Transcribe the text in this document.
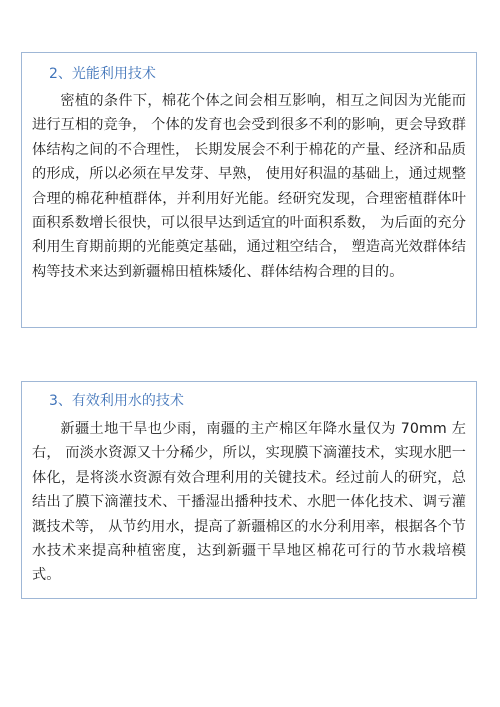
2、光能利用技术
密植的条件下，棉花个体之间会相互影响，相互之间因为光能而进行互相的竞争， 个体的发育也会受到很多不利的影响，更会导致群体结构之间的不合理性， 长期发展会不利于棉花的产量、经济和品质的形成，所以必须在早发芽、早熟， 使用好积温的基础上，通过规整合理的棉花种植群体，并利用好光能。经研究发现，合理密植群体叶面积系数增长很快，可以很早达到适宜的叶面积系数， 为后面的充分利用生育期前期的光能奠定基础，通过粗空结合， 塑造高光效群体结构等技术来达到新疆棉田植株矮化、群体结构合理的目的。
3、有效利用水的技术
新疆土地干旱也少雨，南疆的主产棉区年降水量仅为 70mm 左右， 而淡水资源又十分稀少，所以，实现膜下滴灌技术，实现水肥一体化，是将淡水资源有效合理利用的关键技术。经过前人的研究，总结出了膜下滴灌技术、干播湿出播种技术、水肥一体化技术、调亏灌溉技术等， 从节约用水，提高了新疆棉区的水分利用率，根据各个节水技术来提高种植密度，达到新疆干旱地区棉花可行的节水栽培模式。
